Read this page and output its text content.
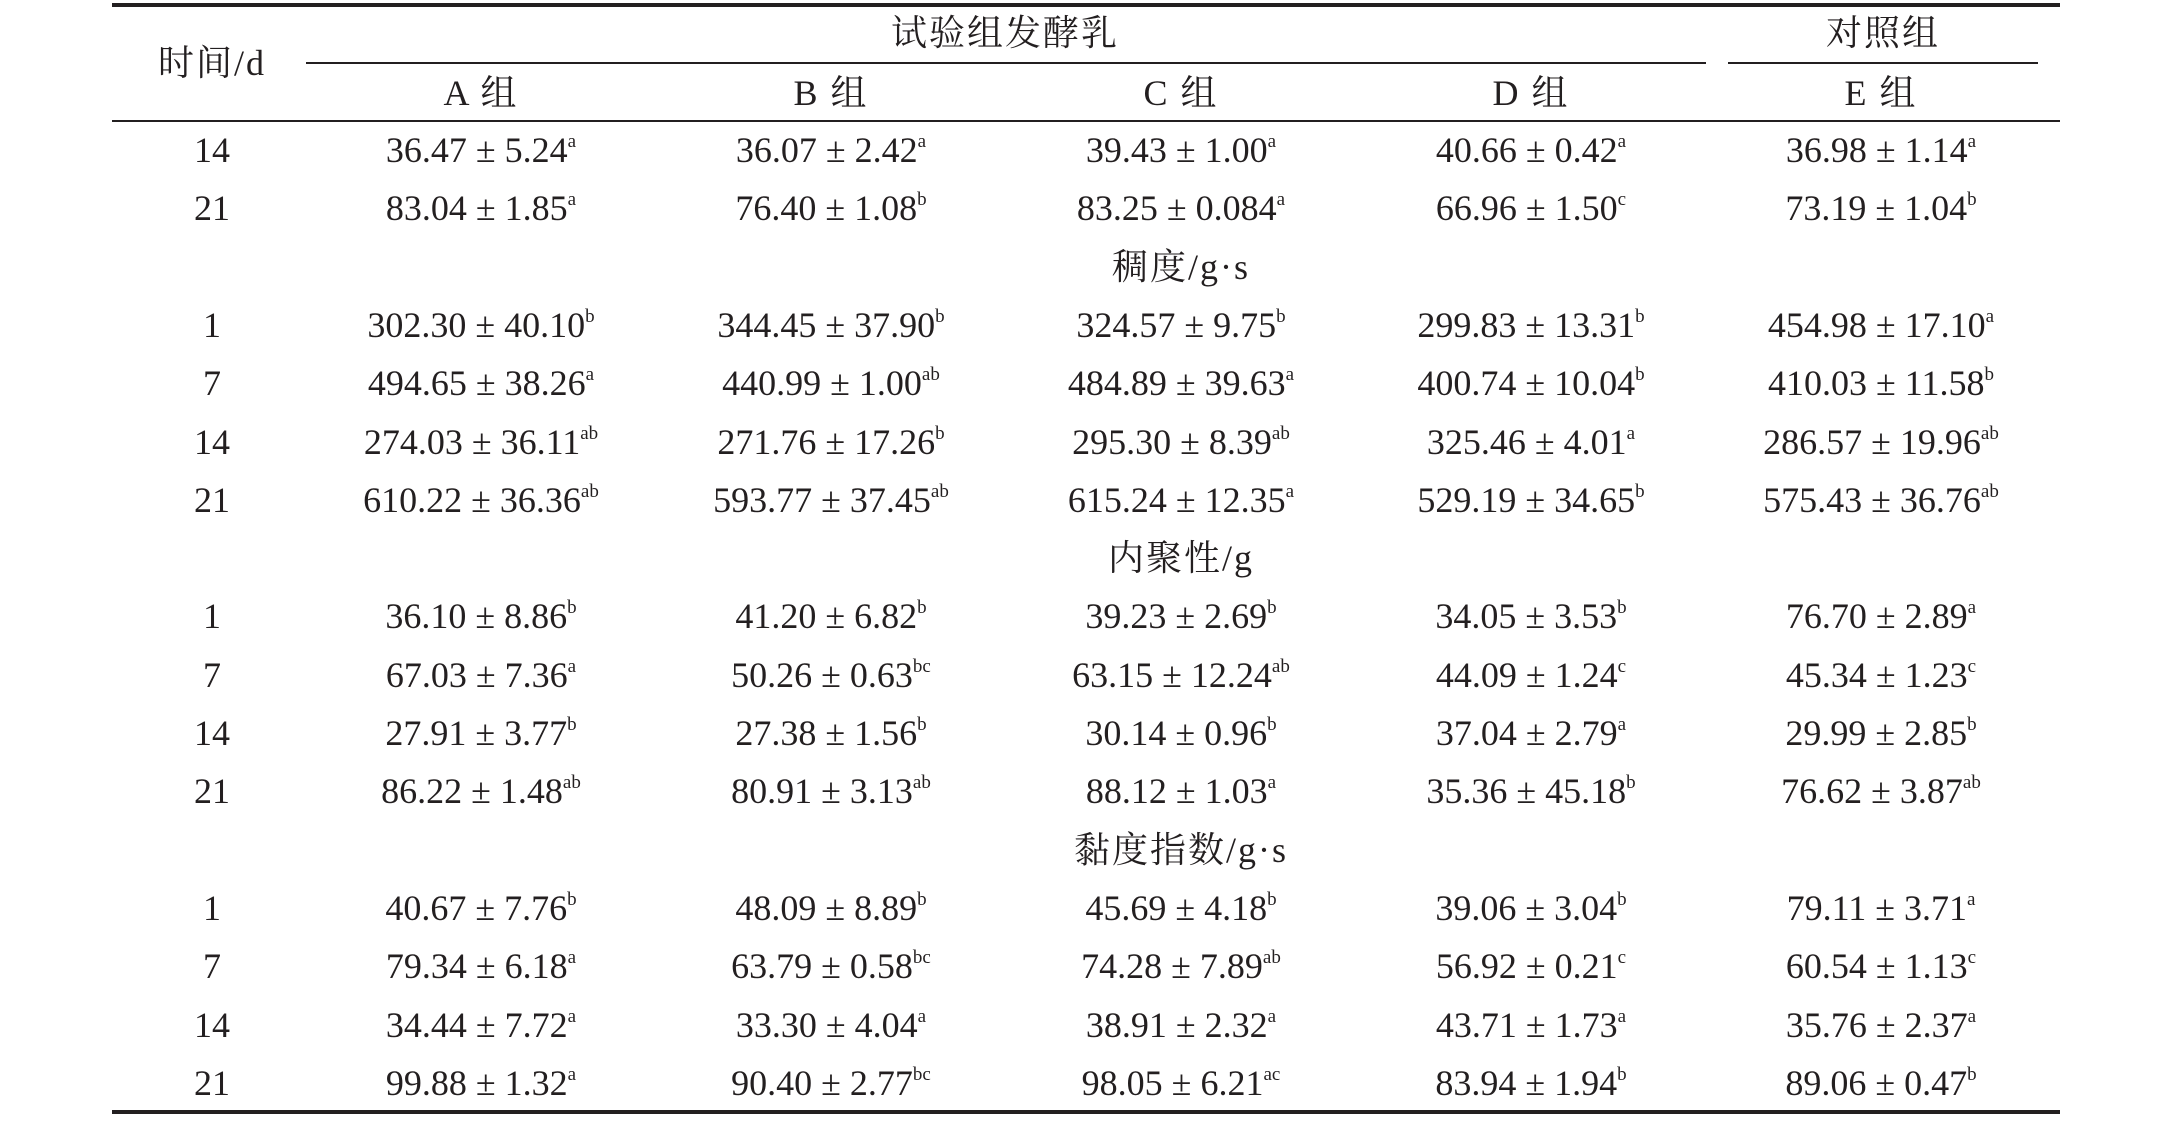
时间/d
试验组发酵乳	对照组
A 组	B 组	C 组	D 组	E 组
14	36.47 ± 5.24$^a$	36.07 ± 2.42$^a$	39.43 ± 1.00$^a$	40.66 ± 0.42$^a$	36.98 ± 1.14$^a$
21	83.04 ± 1.85$^a$	76.40 ± 1.08$^b$	83.25 ± 0.084$^a$	66.96 ± 1.50$^c$	73.19 ± 1.04$^b$
稠度/g·s
1	302.30 ± 40.10$^b$	344.45 ± 37.90$^b$	324.57 ± 9.75$^b$	299.83 ± 13.31$^b$	454.98 ± 17.10$^a$
7	494.65 ± 38.26$^a$	440.99 ± 1.00$^{ab}$	484.89 ± 39.63$^a$	400.74 ± 10.04$^b$	410.03 ± 11.58$^b$
14	274.03 ± 36.11$^{ab}$	271.76 ± 17.26$^b$	295.30 ± 8.39$^{ab}$	325.46 ± 4.01$^a$	286.57 ± 19.96$^{ab}$
21	610.22 ± 36.36$^{ab}$	593.77 ± 37.45$^{ab}$	615.24 ± 12.35$^a$	529.19 ± 34.65$^b$	575.43 ± 36.76$^{ab}$
内聚性/g
1	36.10 ± 8.86$^b$	41.20 ± 6.82$^b$	39.23 ± 2.69$^b$	34.05 ± 3.53$^b$	76.70 ± 2.89$^a$
7	67.03 ± 7.36$^a$	50.26 ± 0.63$^{bc}$	63.15 ± 12.24$^{ab}$	44.09 ± 1.24$^c$	45.34 ± 1.23$^c$
14	27.91 ± 3.77$^b$	27.38 ± 1.56$^b$	30.14 ± 0.96$^b$	37.04 ± 2.79$^a$	29.99 ± 2.85$^b$
21	86.22 ± 1.48$^{ab}$	80.91 ± 3.13$^{ab}$	88.12 ± 1.03$^a$	35.36 ± 45.18$^b$	76.62 ± 3.87$^{ab}$
黏度指数/g·s
1	40.67 ± 7.76$^b$	48.09 ± 8.89$^b$	45.69 ± 4.18$^b$	39.06 ± 3.04$^b$	79.11 ± 3.71$^a$
7	79.34 ± 6.18$^a$	63.79 ± 0.58$^{bc}$	74.28 ± 7.89$^{ab}$	56.92 ± 0.21$^c$	60.54 ± 1.13$^c$
14	34.44 ± 7.72$^a$	33.30 ± 4.04$^a$	38.91 ± 2.32$^a$	43.71 ± 1.73$^a$	35.76 ± 2.37$^a$
21	99.88 ± 1.32$^a$	90.40 ± 2.77$^{bc}$	98.05 ± 6.21$^{ac}$	83.94 ± 1.94$^b$	89.06 ± 0.47$^b$
